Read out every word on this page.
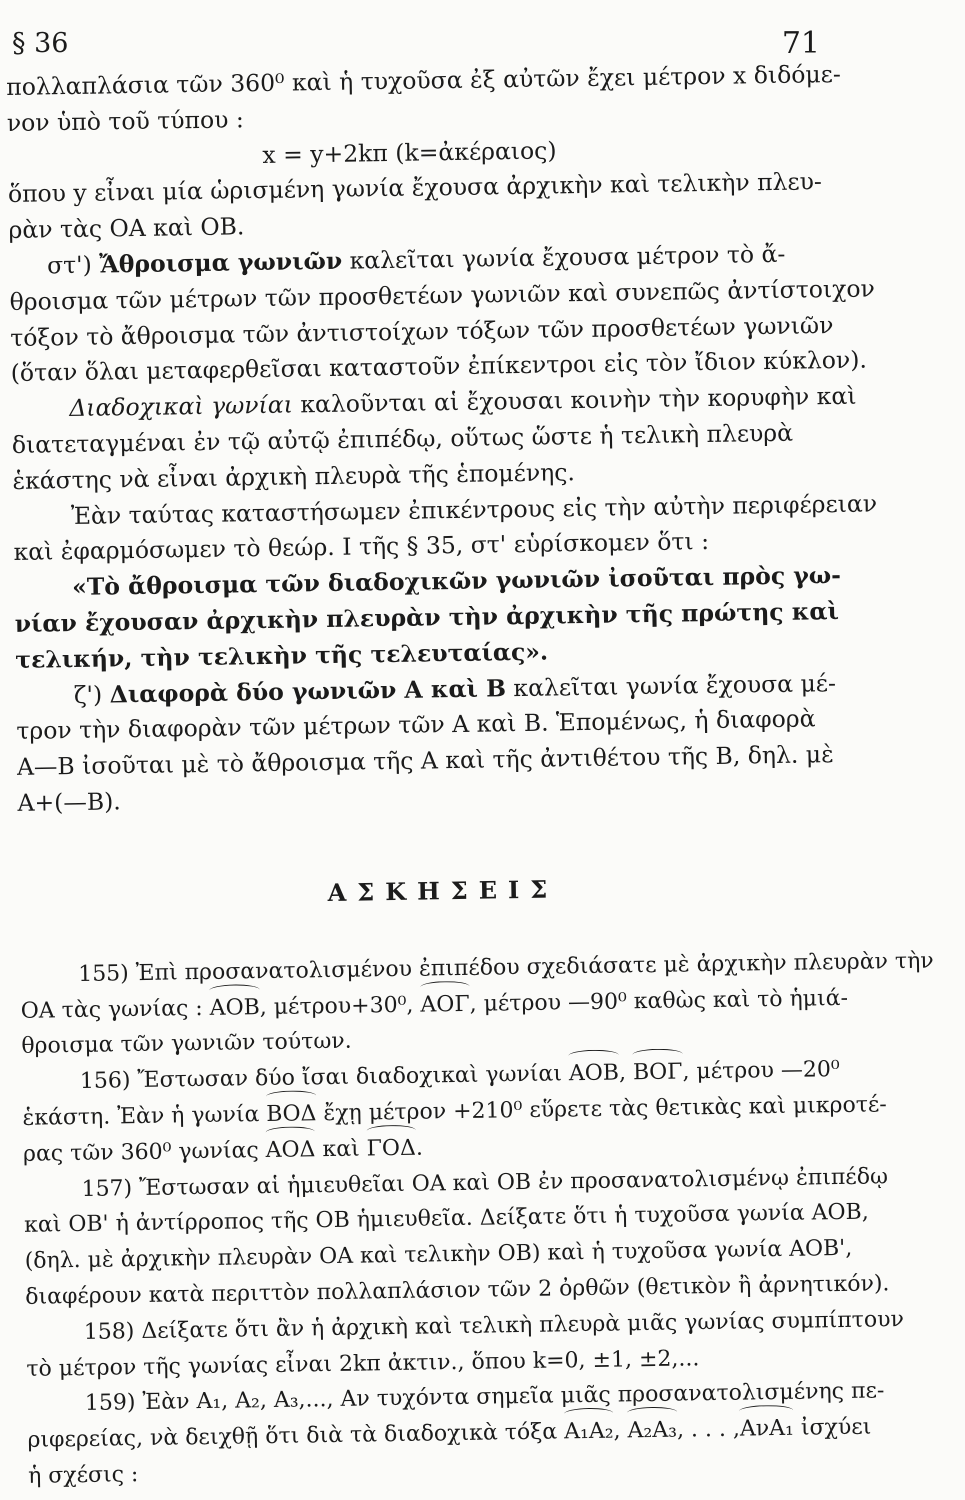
§ 36	71
πολλαπλάσια τῶν 360⁰ καὶ ἡ τυχοῦσα ἐξ αὐτῶν ἔχει μέτρον x διδόμε-
νον ὑπὸ τοῦ τύπου :
x = y+2kπ (k=ἀκέραιος)
ὅπου y εἶναι μία ὡρισμένη γωνία ἔχουσα ἀρχικὴν καὶ τελικὴν πλευ-
ρὰν τὰς ΟΑ καὶ ΟΒ.
στ') Ἄθροισμα γωνιῶν καλεῖται γωνία ἔχουσα μέτρον τὸ ἄ-
θροισμα τῶν μέτρων τῶν προσθετέων γωνιῶν καὶ συνεπῶς ἀντίστοιχον
τόξον τὸ ἄθροισμα τῶν ἀντιστοίχων τόξων τῶν προσθετέων γωνιῶν
(ὅταν ὅλαι μεταφερθεῖσαι καταστοῦν ἐπίκεντροι εἰς τὸν ἴδιον κύκλον).
Διαδοχικαὶ γωνίαι καλοῦνται αἱ ἔχουσαι κοινὴν τὴν κορυφὴν καὶ
διατεταγμέναι ἐν τῷ αὐτῷ ἐπιπέδῳ, οὕτως ὥστε ἡ τελικὴ πλευρὰ
ἑκάστης νὰ εἶναι ἀρχικὴ πλευρὰ τῆς ἑπομένης.
Ἐὰν ταύτας καταστήσωμεν ἐπικέντρους εἰς τὴν αὐτὴν περιφέρειαν
καὶ ἐφαρμόσωμεν τὸ θεώρ. Ι τῆς § 35, στ' εὑρίσκομεν ὅτι :
«Τὸ ἄθροισμα τῶν διαδοχικῶν γωνιῶν ἰσοῦται πρὸς γω-
νίαν ἔχουσαν ἀρχικὴν πλευρὰν τὴν ἀρχικὴν τῆς πρώτης καὶ
τελικήν, τὴν τελικὴν τῆς τελευταίας».
ζ') Διαφορὰ δύο γωνιῶν Α καὶ Β καλεῖται γωνία ἔχουσα μέ-
τρον τὴν διαφορὰν τῶν μέτρων τῶν Α καὶ Β. Ἑπομένως, ἡ διαφορὰ
Α—Β ἰσοῦται μὲ τὸ ἄθροισμα τῆς Α καὶ τῆς ἀντιθέτου τῆς Β, δηλ. μὲ
Α+(—Β).
ΑΣΚΗΣΕΙΣ
155) Ἐπὶ προσανατολισμένου ἐπιπέδου σχεδιάσατε μὲ ἀρχικὴν πλευρὰν τὴν
ΟΑ τὰς γωνίας : ΑΟΒ, μέτρου+30⁰, ΑΟΓ, μέτρου —90⁰ καθὼς καὶ τὸ ἡμιά-
θροισμα τῶν γωνιῶν τούτων.
156) Ἔστωσαν δύο ἴσαι διαδοχικαὶ γωνίαι ΑΟΒ, ΒΟΓ, μέτρου —20⁰
ἑκάστη. Ἐὰν ἡ γωνία ΒΟΔ ἔχῃ μέτρον +210⁰ εὕρετε τὰς θετικὰς καὶ μικροτέ-
ρας τῶν 360⁰ γωνίας ΑΟΔ καὶ ΓΟΔ.
157) Ἔστωσαν αἱ ἡμιευθεῖαι ΟΑ καὶ ΟΒ ἐν προσανατολισμένῳ ἐπιπέδῳ
καὶ ΟΒ' ἡ ἀντίρροπος τῆς ΟΒ ἡμιευθεῖα. Δείξατε ὅτι ἡ τυχοῦσα γωνία ΑΟΒ,
(δηλ. μὲ ἀρχικὴν πλευρὰν ΟΑ καὶ τελικὴν ΟΒ) καὶ ἡ τυχοῦσα γωνία ΑΟΒ',
διαφέρουν κατὰ περιττὸν πολλαπλάσιον τῶν 2 ὀρθῶν (θετικὸν ἢ ἀρνητικόν).
158) Δείξατε ὅτι ἂν ἡ ἀρχικὴ καὶ τελικὴ πλευρὰ μιᾶς γωνίας συμπίπτουν
τὸ μέτρον τῆς γωνίας εἶναι 2kπ ἀκτιν., ὅπου k=0, ±1, ±2,...
159) Ἐὰν Α₁, Α₂, Α₃,..., Αν τυχόντα σημεῖα μιᾶς προσανατολισμένης πε-
ριφερείας, νὰ δειχθῇ ὅτι διὰ τὰ διαδοχικὰ τόξα Α₁Α₂, Α₂Α₃, . . . ,ΑνΑ₁ ἰσχύει
ἡ σχέσις :
